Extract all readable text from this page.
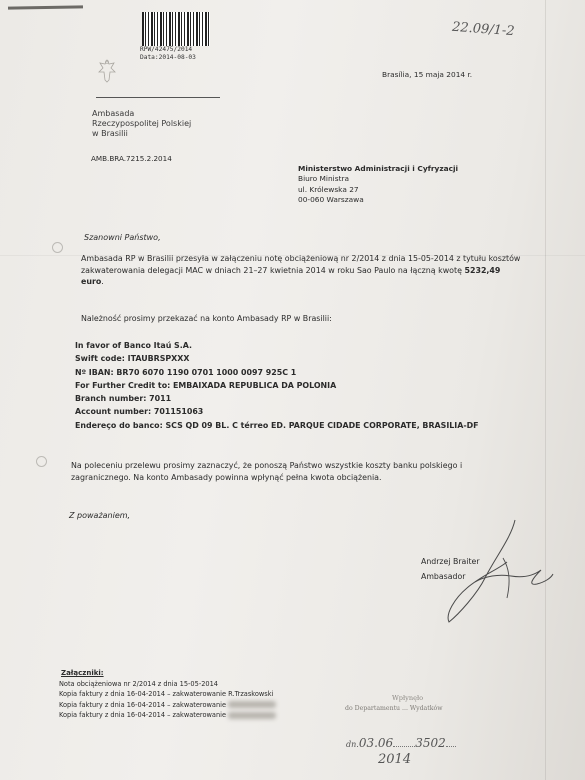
RPW/42475/2014
Data:2014-08-03
22.09/1-2
Ambasada
Rzeczypospolitej Polskiej
w Brasilii
Brasília, 15 maja 2014 r.
AMB.BRA.7215.2.2014
Ministerstwo Administracji i Cyfryzacji
Biuro Ministra
ul. Królewska 27
00-060 Warszawa
Szanowni Państwo,
Ambasada RP w Brasilii przesyła w załączeniu notę obciążeniową nr 2/2014 z dnia 15-05-2014 z tytułu kosztów zakwaterowania delegacji MAC w dniach 21–27 kwietnia 2014 w roku Sao Paulo na łączną kwotę 5232,49 euro.
Należność prosimy przekazać na konto Ambasady RP w Brasilii:
In favor of Banco Itaú S.A.
Swift code: ITAUBRSPXXX
Nº IBAN: BR70 6070 1190 0701 1000 0097 925C 1
For Further Credit to: EMBAIXADA REPUBLICA DA POLONIA
Branch number: 7011
Account number: 701151063
Endereço do banco: SCS QD 09 BL. C térreo ED. PARQUE CIDADE CORPORATE, BRASILIA-DF
Na poleceniu przelewu prosimy zaznaczyć, że ponoszą Państwo wszystkie koszty banku polskiego i zagranicznego. Na konto Ambasady powinna wpłynąć pełna kwota obciążenia.
Z poważaniem,
Andrzej Braiter
Ambasador
Załączniki:
Nota obciążeniowa nr 2/2014 z dnia 15-05-2014
Kopia faktury z dnia 16-04-2014 – zakwaterowanie R.Trzaskowski
Kopia faktury z dnia 16-04-2014 – zakwaterowanie
Kopia faktury z dnia 16-04-2014 – zakwaterowanie
Wpłynęło
do Departamentu ... Wydatków
dn.03.06 3502
2014
